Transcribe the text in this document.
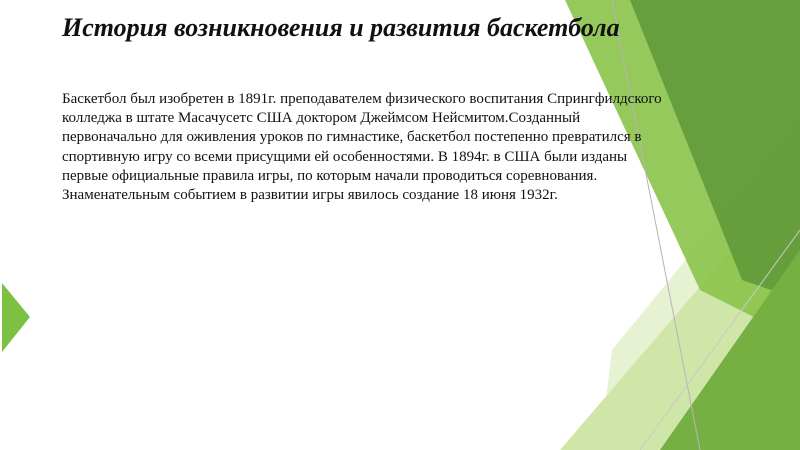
История возникновения и развития баскетбола
Баскетбол был изобретен в 1891г. преподавателем физического воспитания Спрингфилдского
колледжа в штате Масачусетс США доктором Джеймсом Нейсмитом.Созданный
первоначально для оживления уроков по гимнастике, баскетбол постепенно превратился в
спортивную игру со всеми присущими ей особенностями. В 1894г. в США были изданы
первые официальные правила игры, по которым начали проводиться соревнования.
Знаменательным событием в развитии игры явилось создание 18 июня 1932г.
